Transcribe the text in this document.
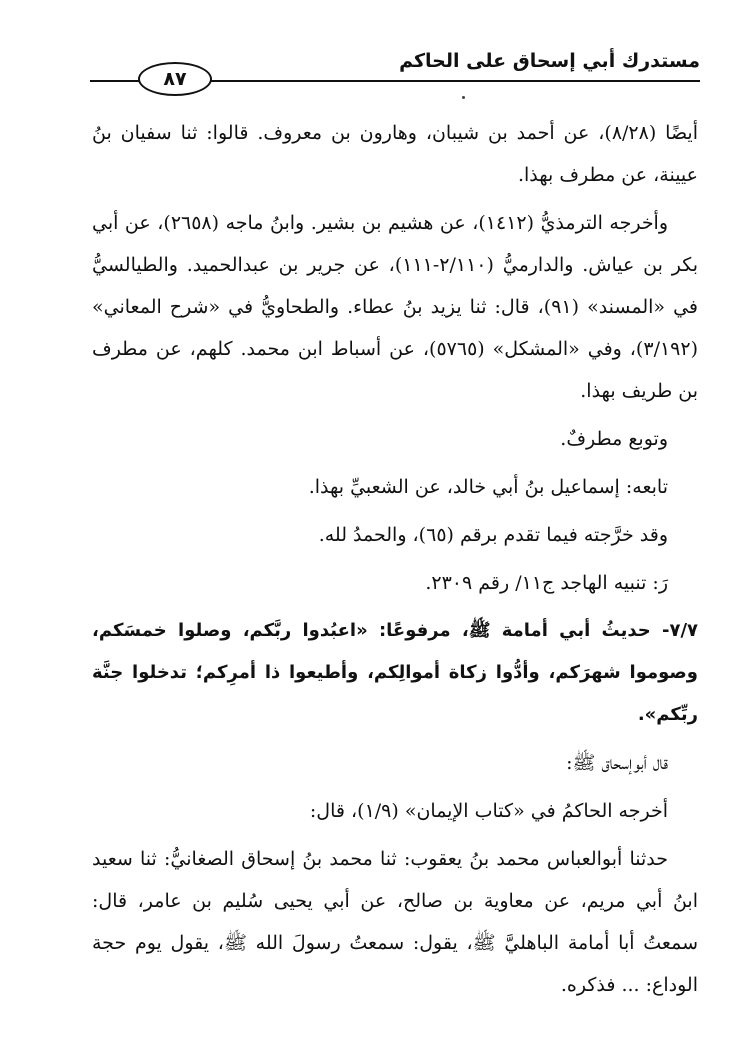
مستدرك أبي إسحاق على الحاكم
٨٧

أيضًا (٨/٢٨)، عن أحمد بن شيبان، وهارون بن معروف. قالوا: ثنا سفيان بنُ عيينة، عن مطرف بهذا.

وأخرجه الترمذيُّ (١٤١٢)، عن هشيم بن بشير. وابنُ ماجه (٢٦٥٨)، عن أبي بكر بن عياش. والدارميُّ (٢/١١٠-١١١)، عن جرير بن عبدالحميد. والطيالسيُّ في «المسند» (٩١)، قال: ثنا يزيد بنُ عطاء. والطحاويُّ في «شرح المعاني» (٣/١٩٢)، وفي «المشكل» (٥٧٦٥)، عن أسباط ابن محمد. كلهم، عن مطرف بن طريف بهذا.

وتوبع مطرفٌ.

تابعه: إسماعيل بنُ أبي خالد، عن الشعبيِّ بهذا.

وقد خرَّجته فيما تقدم برقم (٦٥)، والحمدُ لله.

رَ: تنبيه الهاجد ج١١/ رقم ٢٣٠٩.

٧/٧- حديثُ أبي أمامة ﷺ، مرفوعًا: «اعبُدوا ربَّكم، وصلوا خمسَكم، وصوموا شهرَكم، وأدُّوا زكاة أموالِكم، وأطيعوا ذا أمرِكم؛ تدخلوا جنَّة ربِّكم».

قال أبوإسحاق ﷺ:

أخرجه الحاكمُ في «كتاب الإيمان» (١/٩)، قال:

حدثنا أبوالعباس محمد بنُ يعقوب: ثنا محمد بنُ إسحاق الصغانيُّ: ثنا سعيد ابنُ أبي مريم، عن معاوية بن صالح، عن أبي يحيى سُليم بن عامر، قال: سمعتُ أبا أمامة الباهليَّ ﷺ، يقول: سمعتُ رسولَ الله ﷺ، يقول يوم حجة الوداع: ... فذكره.
